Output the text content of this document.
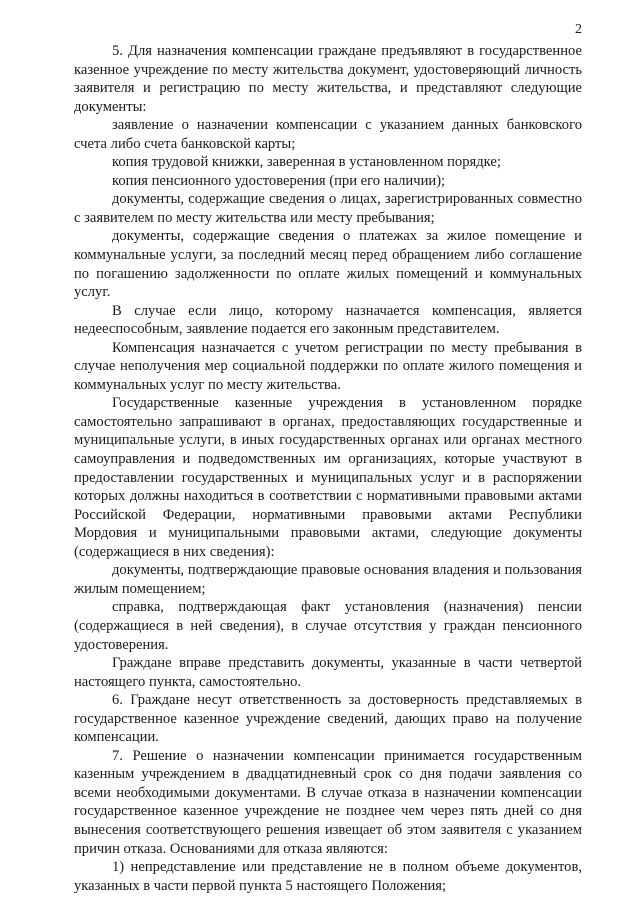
2

5. Для назначения компенсации граждане предъявляют в государственное казенное учреждение по месту жительства документ, удостоверяющий личность заявителя и регистрацию по месту жительства, и представляют следующие документы:

заявление о назначении компенсации с указанием данных банковского счета либо счета банковской карты;

копия трудовой книжки, заверенная в установленном порядке;

копия пенсионного удостоверения (при его наличии);

документы, содержащие сведения о лицах, зарегистрированных совместно с заявителем по месту жительства или месту пребывания;

документы, содержащие сведения о платежах за жилое помещение и коммунальные услуги, за последний месяц перед обращением либо соглашение по погашению задолженности по оплате жилых помещений и коммунальных услуг.

В случае если лицо, которому назначается компенсация, является недееспособным, заявление подается его законным представителем.

Компенсация назначается с учетом регистрации по месту пребывания в случае неполучения мер социальной поддержки по оплате жилого помещения и коммунальных услуг по месту жительства.

Государственные казенные учреждения в установленном порядке самостоятельно запрашивают в органах, предоставляющих государственные и муниципальные услуги, в иных государственных органах или органах местного самоуправления и подведомственных им организациях, которые участвуют в предоставлении государственных и муниципальных услуг и в распоряжении которых должны находиться в соответствии с нормативными правовыми актами Российской Федерации, нормативными правовыми актами Республики Мордовия и муниципальными правовыми актами, следующие документы (содержащиеся в них сведения):

документы, подтверждающие правовые основания владения и пользования жилым помещением;

справка, подтверждающая факт установления (назначения) пенсии (содержащиеся в ней сведения), в случае отсутствия у граждан пенсионного удостоверения.

Граждане вправе представить документы, указанные в части четвертой настоящего пункта, самостоятельно.

6. Граждане несут ответственность за достоверность представляемых в государственное казенное учреждение сведений, дающих право на получение компенсации.

7. Решение о назначении компенсации принимается государственным казенным учреждением в двадцатидневный срок со дня подачи заявления со всеми необходимыми документами. В случае отказа в назначении компенсации государственное казенное учреждение не позднее чем через пять дней со дня вынесения соответствующего решения извещает об этом заявителя с указанием причин отказа. Основаниями для отказа являются:

1) непредставление или представление не в полном объеме документов, указанных в части первой пункта 5 настоящего Положения;
